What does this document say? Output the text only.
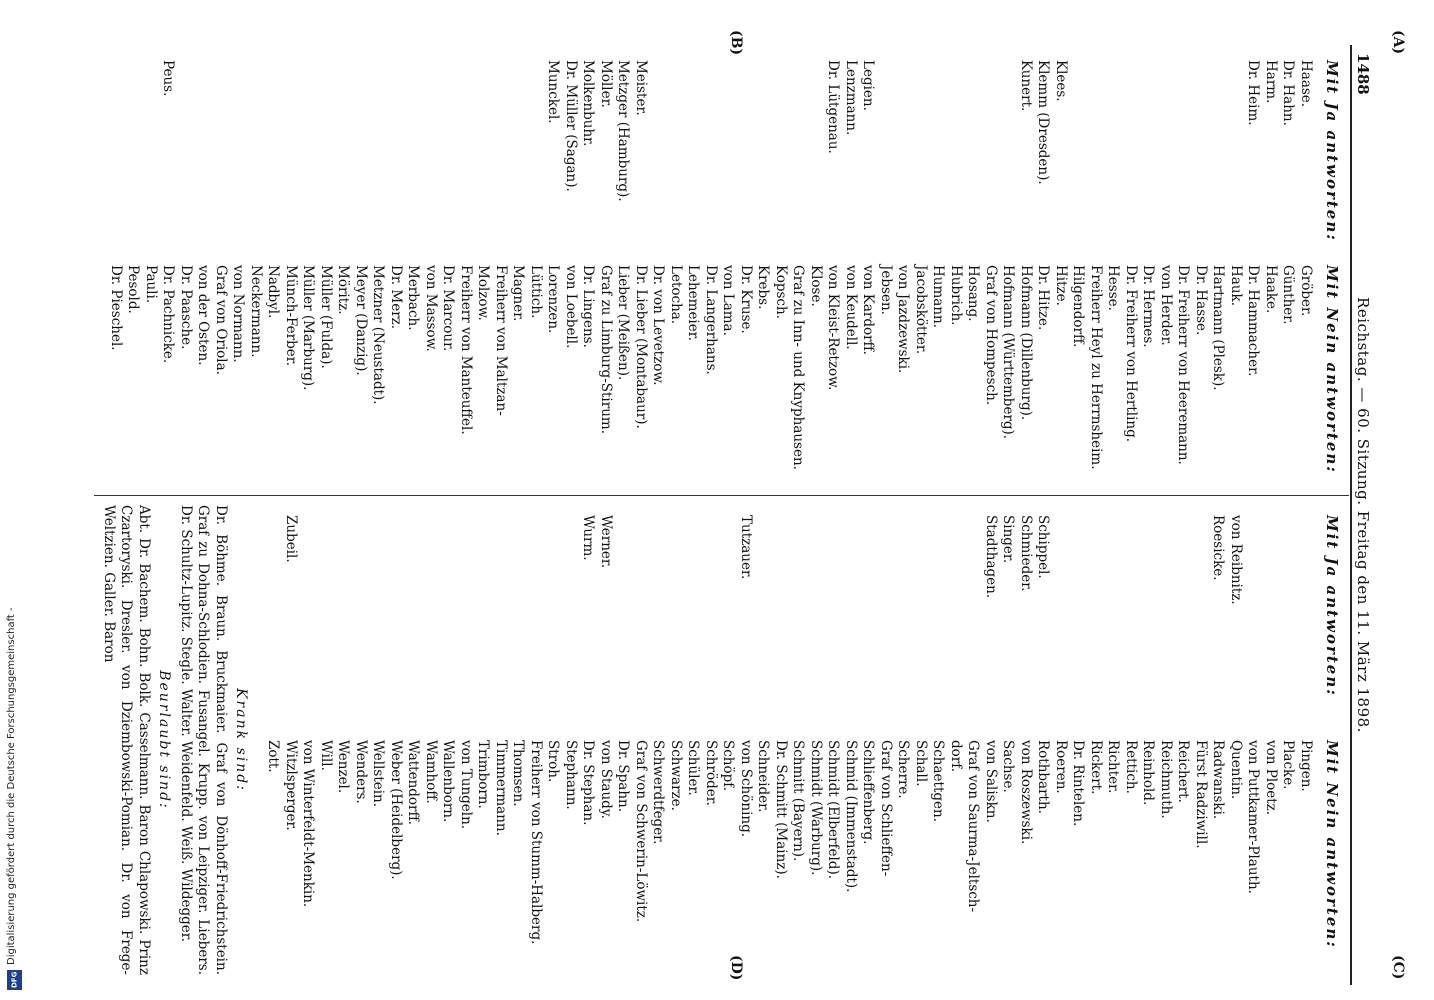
1488
Reichstag. — 60. Sitzung. Freitag den 11. März 1898.
(A)
(B)
(C)
(D)
Mit Ja antworten:
Mit Nein antworten:
Haase.
Dr. Hahn.
Harm.
Dr. Heim.

Klees.
Klemm (Dresden).
Kunert.

Legien.
Lenzmann.
Dr. Lütgenau.

Meister.
Metzger (Hamburg).
Möller.
Molkenbuhr.
Dr. Müller (Sagan).
Munckel.

Peus.
Gröber.
Günther.
Haake.
Dr. Hammacher.
Hauk.
Hartmann (Plesk).
Dr. Hasse.
Dr. Freiherr von Heeremann.
von Herder.
Dr. Hermes.
Dr. Freiherr von Hertling.
Hesse.
Freiherr Heyl zu Herrnsheim.
Hilgendorff.
Hitze.
Dr. Hitze.
Hofmann (Dillenburg).
Hofmann (Württemberg).
Graf von Hompesch.
Hosang.
Hubrich.
Humann.
Jacobskötter.
von Jazdzewski.
Jebsen.
von Kardorff.
von Keudell.
von Kleist-Retzow.
Klose.
Graf zu Inn- und Knyphausen.
Kopsch.
Krebs.
Dr. Kruse.
von Lama.
Dr. Langerhans.
Lehemeier.
Letocha.
Dr. von Levetzow.
Dr. Lieber (Montabaur).
Lieber (Meißen).
Graf zu Limburg-Stirum.
Dr. Lingens.
von Loebell.
Lorenzen.
Lüttich.
Magner.
Freiherr von Maltzan-
Molzow.
Freiherr von Manteuffel.
Dr. Marcour.
von Massow.
Merbach.
Dr. Merz.
Metzner (Neustadt).
Meyer (Danzig).
Möritz.
Müller (Fulda).
Müller (Marburg).
Münch-Ferber.
Nadbyl.
Neckermann.
von Normann.
Graf von Oriola.
von der Osten.
Dr. Paasche.
Dr. Pachnicke.
Pauli.
Pesold.
Dr. Pieschel.
Mit Ja antworten:
Mit Nein antworten:

von Reibnitz.
Roesicke.

Schippel.
Schmieder.
Singer.
Stadthagen.

Tutzauer.

Werner.
Wurm.

Zubeil.
Pingen.
Placke.
von Ploetz.
von Puttkamer-Plauth.
Quentin.
Radwanski.
Fürst Radziwill.
Reichert.
Reichmuth.
Reinhold.
Rettich.
Richter.
Rickert.
Dr. Rintelen.
Roeren.
Rothbarth.
von Roszewski.
Sachse.
von Saliskn.
Graf von Saurma-Jeltsch-
dorf.
Schaettgen.
Schall.
Scherre.
Graf von Schlieffen-
Schlieffenberg.
Schmid (Immenstadt).
Schmidt (Elberfeld).
Schmidt (Warburg).
Schmitt (Bayern).
Dr. Schmitt (Mainz).
Schneider.
von Schöning.
Schöpf.
Schröder.
Schüler.
Schwarze.
Schwerdtfeger.
Graf von Schwerin-Löwitz.
Dr. Spahn.
von Staudy.
Dr. Stephan.
Stephann.
Stroh.
Freiherr von Stumm-Halberg.
Thomsen.
Timmermann.
Trimborn.
von Tungeln.
Wallenborn.
Wamhoff.
Wattendorff.
Weber (Heidelberg).
Wellstein.
Wenders.
Wenzel.
Will.
von Winterfeldt-Menkin.
Witzlsperger.
Zott.
Krank sind:
Dr. Böhme. Braun. Bruckmaier. Graf von Dönhoff-Friedrichstein. Graf zu Dohna-Schlodien. Fusangel. Krupp. von Leipziger. Liebers. Dr. Schultz-Lupitz. Stegle. Walter. Weidenfeld. Weiß. Wildegger.
Beurlaubt sind:
Abt. Dr. Bachem. Bohn. Bolk. Casselmann. Baron Chlapowski. Prinz Czartoryski. Dresler. von Dziembowski-Pomian. Dr. von Frege-Weltzien. Galler. Baron
Digitalisierung gefördert durch die Deutsche Forschungsgemeinschaft -
DFG
